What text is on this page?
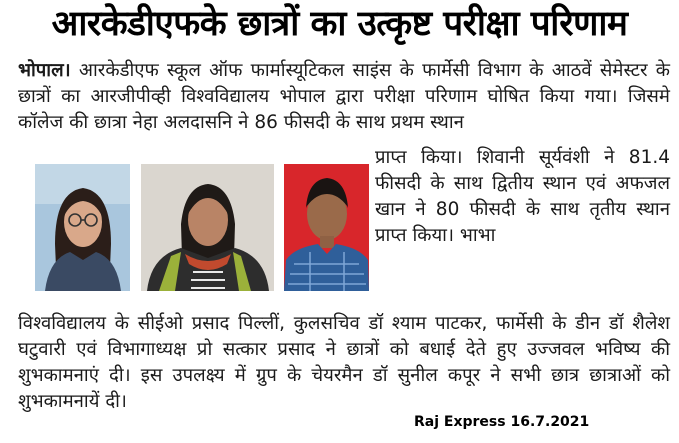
आरकेडीएफके छात्रों का उत्कृष्ट परीक्षा परिणाम
भोपाल। आरकेडीएफ स्कूल ऑफ फार्मास्यूटिकल साइंस के फार्मेसी विभाग के आठवें सेमेस्टर के छात्रों का आरजीपीव्ही विश्वविद्यालय भोपाल द्वारा परीक्षा परिणाम घोषित किया गया। जिसमे कॉलेज की छात्रा नेहा अलदासनि ने 86 फीसदी के साथ प्रथम स्थान
प्राप्त किया। शिवानी सूर्यवंशी ने 81.4 फीसदी के साथ द्वितीय स्थान एवं अफजल खान ने 80 फीसदी के साथ तृतीय स्थान प्राप्त किया। भाभा
विश्वविद्यालय के सीईओ प्रसाद पिल्लीं, कुलसचिव डॉ श्याम पाटकर, फार्मेसी के डीन डॉ शैलेश घटुवारी एवं विभागाध्यक्ष प्रो सत्कार प्रसाद ने छात्रों को बधाई देते हुए उज्जवल भविष्य की शुभकामनाएं दी। इस उपलक्ष्य में ग्रुप के चेयरमैन डॉ सुनील कपूर ने सभी छात्र छात्राओं को शुभकामनायें दी।
Raj Express 16.7.2021
